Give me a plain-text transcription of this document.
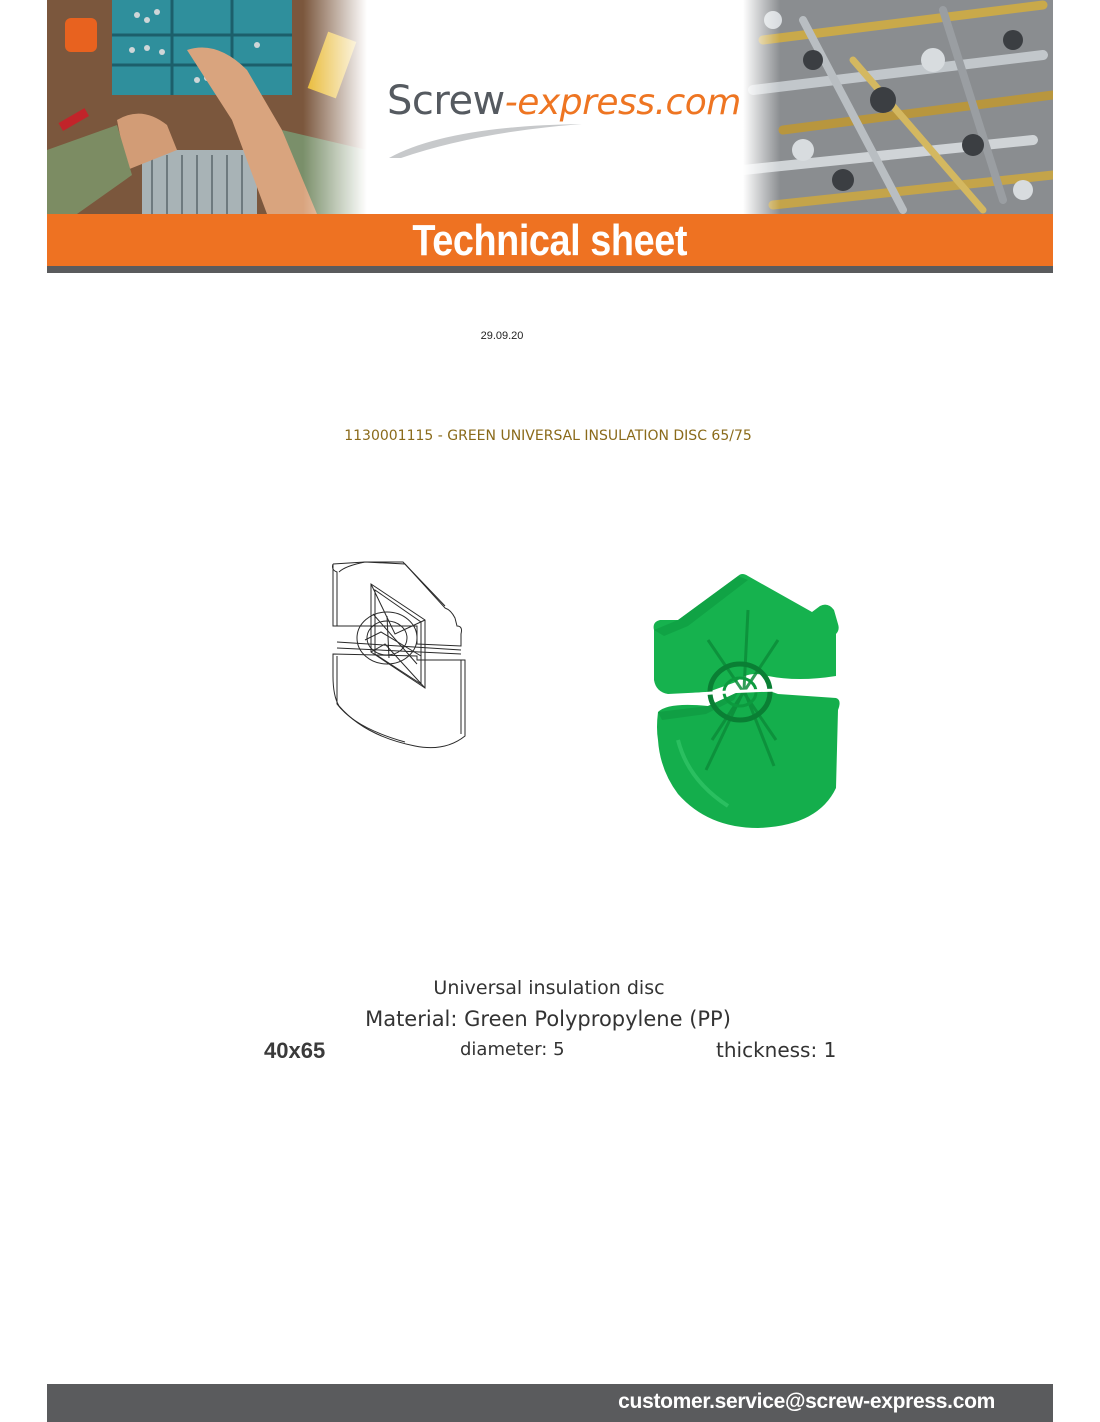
Screw-express.com
Technical sheet
29.09.20
1130001115 - GREEN UNIVERSAL INSULATION DISC 65/75
Universal insulation disc
Material: Green Polypropylene (PP)
40x65	diameter: 5	thickness: 1
customer.service@screw-express.com
